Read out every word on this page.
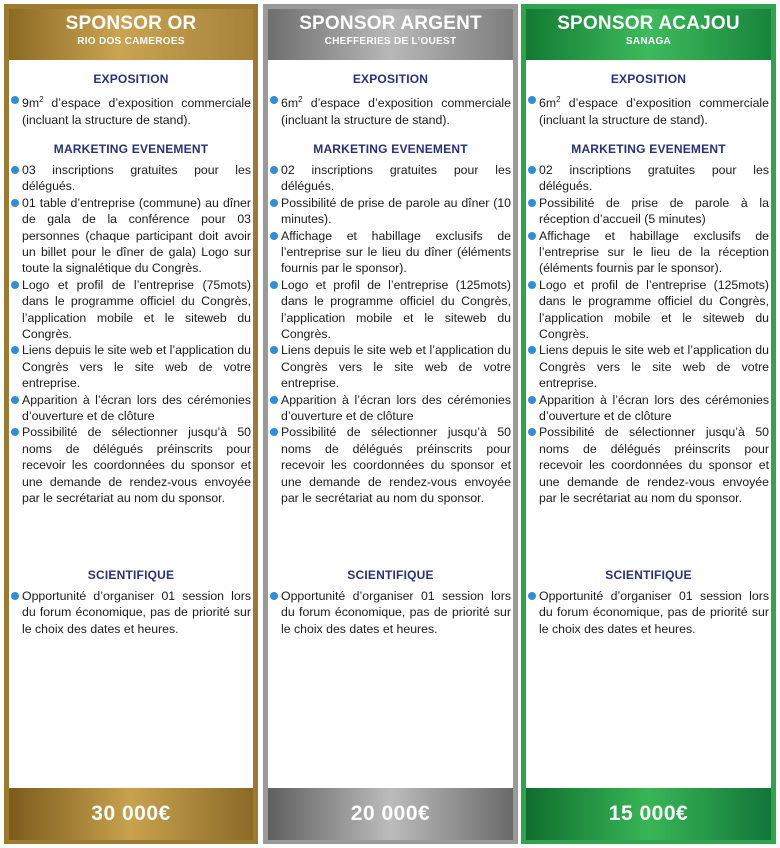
SPONSOR OR
RIO DOS CAMEROES
EXPOSITION
$9m^2$ d’espace d’exposition commerciale (incluant la structure de stand).
MARKETING EVENEMENT
03 inscriptions gratuites pour les délégués.
01 table d’entreprise (commune) au dîner de gala de la conférence pour 03 personnes (chaque participant doit avoir un billet pour le dîner de gala) Logo sur toute la signalétique du Congrès.
Logo et profil de l’entreprise (75mots) dans le programme officiel du Congrès, l’application mobile et le siteweb du Congrès.
Liens depuis le site web et l’application du Congrès vers le site web de votre entreprise.
Apparition à l’écran lors des cérémonies d’ouverture et de clôture
Possibilité de sélectionner jusqu’à 50 noms de délégués préinscrits pour recevoir les coordonnées du sponsor et une demande de rendez-vous envoyée par le secrétariat au nom du sponsor.
SCIENTIFIQUE
Opportunité d’organiser 01 session lors du forum économique, pas de priorité sur le choix des dates et heures.
30 000€
SPONSOR ARGENT
CHEFFERIES DE L’OUEST
EXPOSITION
$6m^2$ d’espace d’exposition commerciale (incluant la structure de stand).
MARKETING EVENEMENT
02 inscriptions gratuites pour les délégués.
Possibilité de prise de parole au dîner (10 minutes).
Affichage et habillage exclusifs de l’entreprise sur le lieu du dîner (éléments fournis par le sponsor).
Logo et profil de l’entreprise (125mots) dans le programme officiel du Congrès, l’application mobile et le siteweb du Congrès.
Liens depuis le site web et l’application du Congrès vers le site web de votre entreprise.
Apparition à l’écran lors des cérémonies d’ouverture et de clôture
Possibilité de sélectionner jusqu’à 50 noms de délégués préinscrits pour recevoir les coordonnées du sponsor et une demande de rendez-vous envoyée par le secrétariat au nom du sponsor.
SCIENTIFIQUE
Opportunité d’organiser 01 session lors du forum économique, pas de priorité sur le choix des dates et heures.
20 000€
SPONSOR ACAJOU
SANAGA
EXPOSITION
$6m^2$ d’espace d’exposition commerciale (incluant la structure de stand).
MARKETING EVENEMENT
02 inscriptions gratuites pour les délégués.
Possibilité de prise de parole à la réception d’accueil (5 minutes)
Affichage et habillage exclusifs de l’entreprise sur le lieu de la réception (éléments fournis par le sponsor).
Logo et profil de l’entreprise (125mots) dans le programme officiel du Congrès, l’application mobile et le siteweb du Congrès.
Liens depuis le site web et l’application du Congrès vers le site web de votre entreprise.
Apparition à l’écran lors des cérémonies d’ouverture et de clôture
Possibilité de sélectionner jusqu’à 50 noms de délégués préinscrits pour recevoir les coordonnées du sponsor et une demande de rendez-vous envoyée par le secrétariat au nom du sponsor.
SCIENTIFIQUE
Opportunité d’organiser 01 session lors du forum économique, pas de priorité sur le choix des dates et heures.
15 000€
